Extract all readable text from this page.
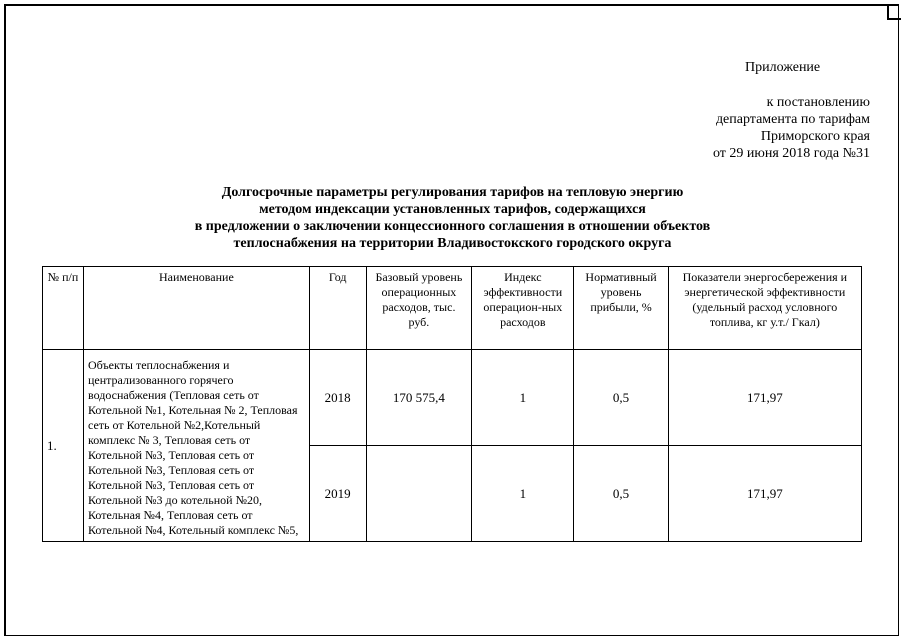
Приложение
к постановлению
департамента по тарифам
Приморского края
от 29 июня 2018 года №31
Долгосрочные параметры регулирования тарифов на тепловую энергию
методом индексации установленных тарифов, содержащихся
в предложении о заключении концессионного соглашения в отношении объектов
теплоснабжения на территории Владивостокского городского округа
№ п/п	Наименование	Год	Базовый уровень операционных расходов, тыс. руб.	Индекс эффективности операцион-ных расходов	Нормативный уровень прибыли, %	Показатели энергосбережения и энергетической эффективности (удельный расход условного топлива, кг у.т./ Гкал)
1.	Объекты теплоснабжения и централизованного горячего водоснабжения (Тепловая сеть от Котельной №1, Котельная № 2, Тепловая сеть от Котельной №2,Котельный комплекс № 3, Тепловая сеть от Котельной №3, Тепловая сеть от Котельной №3, Тепловая сеть от Котельной №3, Тепловая сеть от Котельной №3 до котельной №20, Котельная №4, Тепловая сеть от Котельной №4, Котельный комплекс №5,	2018	170 575,4	1	0,5	171,97
		2019		1	0,5	171,97
